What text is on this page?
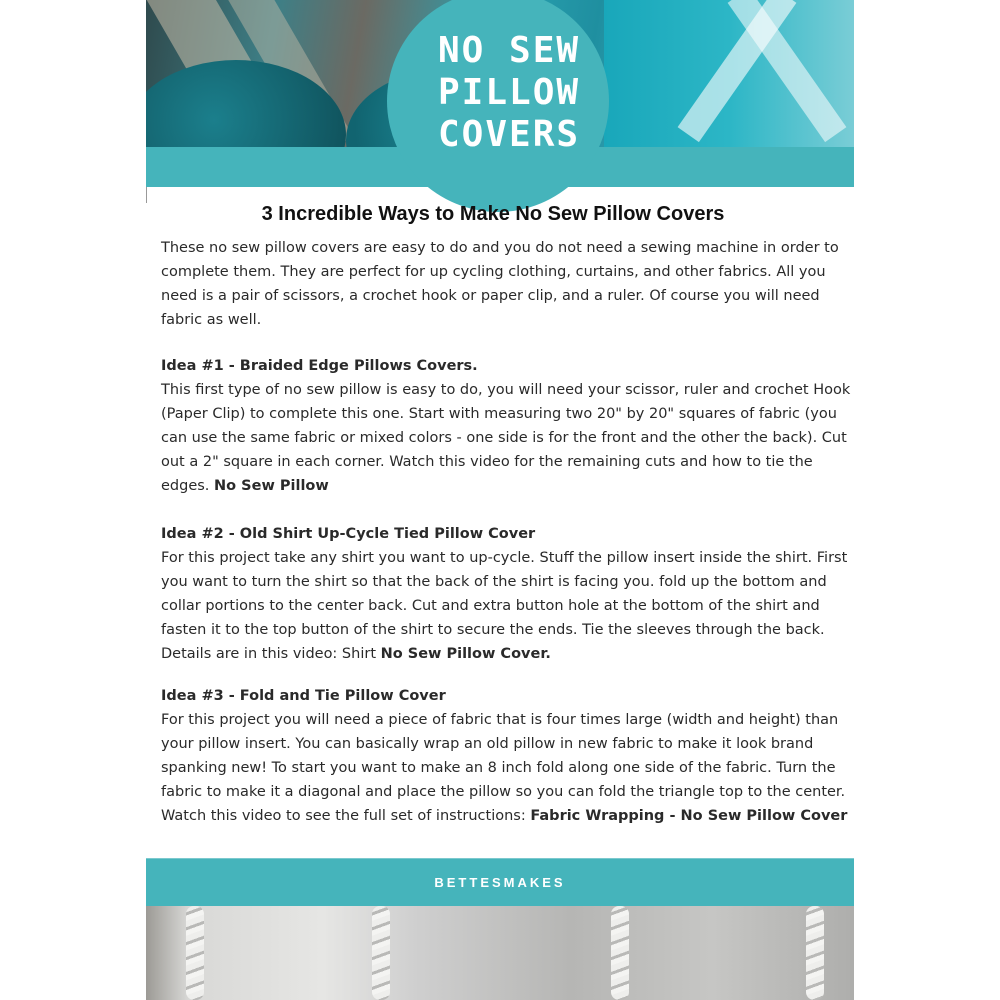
NO SEW
PILLOW
COVERS
3 Incredible Ways to Make No Sew Pillow Covers

These no sew pillow covers are easy to do and you do not need a sewing machine in order to complete them. They are perfect for up cycling clothing, curtains, and other fabrics. All you need is a pair of scissors, a crochet hook or paper clip, and a ruler. Of course you will need fabric as well.

Idea #1 - Braided Edge Pillows Covers.

This first type of no sew pillow is easy to do, you will need your scissor, ruler and crochet Hook (Paper Clip) to complete this one. Start with measuring two 20" by 20" squares of fabric (you can use the same fabric or mixed colors - one side is for the front and the other the back). Cut out a 2" square in each corner. Watch this video for the remaining cuts and how to tie the edges. No Sew Pillow

Idea #2 - Old Shirt Up-Cycle Tied Pillow Cover

For this project take any shirt you want to up-cycle. Stuff the pillow insert inside the shirt. First you want to turn the shirt so that the back of the shirt is facing you. fold up the bottom and collar portions to the center back. Cut and extra button hole at the bottom of the shirt and fasten it to the top button of the shirt to secure the ends. Tie the sleeves through the back. Details are in this video: Shirt No Sew Pillow Cover.

Idea #3 - Fold and Tie Pillow Cover

For this project you will need a piece of fabric that is four times large (width and height) than your pillow insert. You can basically wrap an old pillow in new fabric to make it look brand spanking new! To start you want to make an 8 inch fold along one side of the fabric. Turn the fabric to make it a diagonal and place the pillow so you can fold the triangle top to the center. Watch this video to see the full set of instructions: Fabric Wrapping - No Sew Pillow Cover

BETTESMAKES
